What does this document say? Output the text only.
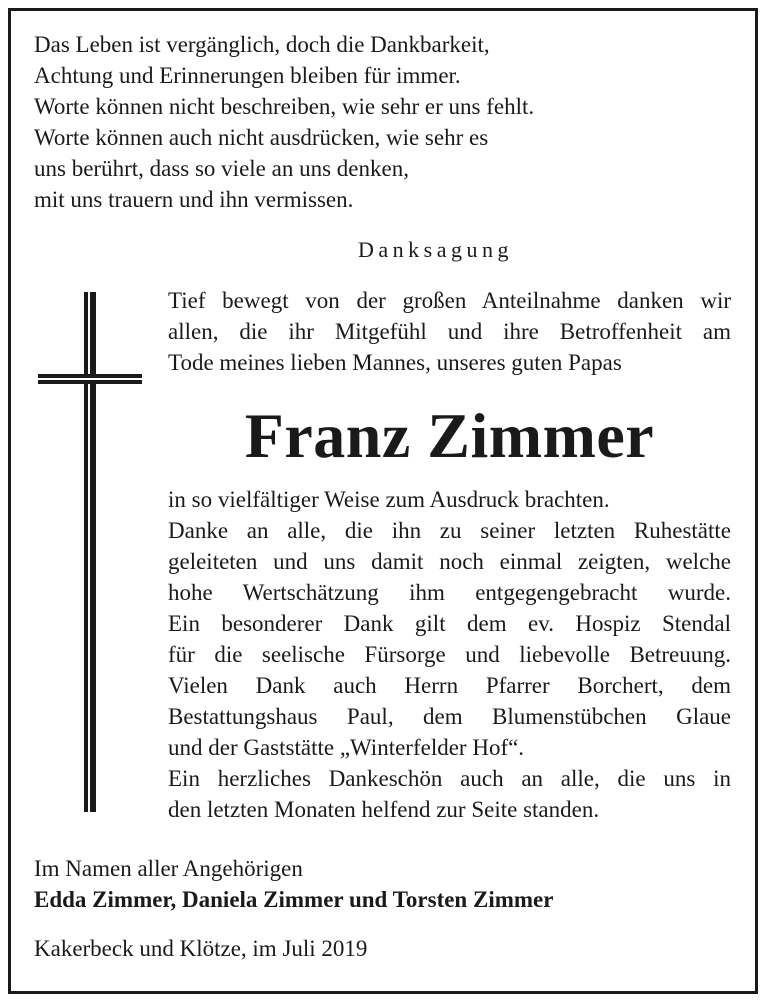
Das Leben ist vergänglich, doch die Dankbarkeit,
Achtung und Erinnerungen bleiben für immer.
Worte können nicht beschreiben, wie sehr er uns fehlt.
Worte können auch nicht ausdrücken, wie sehr es
uns berührt, dass so viele an uns denken,
mit uns trauern und ihn vermissen.
Danksagung
Tief bewegt von der großen Anteilnahme danken wir
allen, die ihr Mitgefühl und ihre Betroffenheit am
Tode meines lieben Mannes, unseres guten Papas
Franz Zimmer
in so vielfältiger Weise zum Ausdruck brachten.
Danke an alle, die ihn zu seiner letzten Ruhestätte
geleiteten und uns damit noch einmal zeigten, welche
hohe Wertschätzung ihm entgegengebracht wurde.
Ein besonderer Dank gilt dem ev. Hospiz Stendal
für die seelische Fürsorge und liebevolle Betreuung.
Vielen Dank auch Herrn Pfarrer Borchert, dem
Bestattungshaus Paul, dem Blumenstübchen Glaue
und der Gaststätte „Winterfelder Hof“.
Ein herzliches Dankeschön auch an alle, die uns in
den letzten Monaten helfend zur Seite standen.
Im Namen aller Angehörigen
Edda Zimmer, Daniela Zimmer und Torsten Zimmer
Kakerbeck und Klötze, im Juli 2019
